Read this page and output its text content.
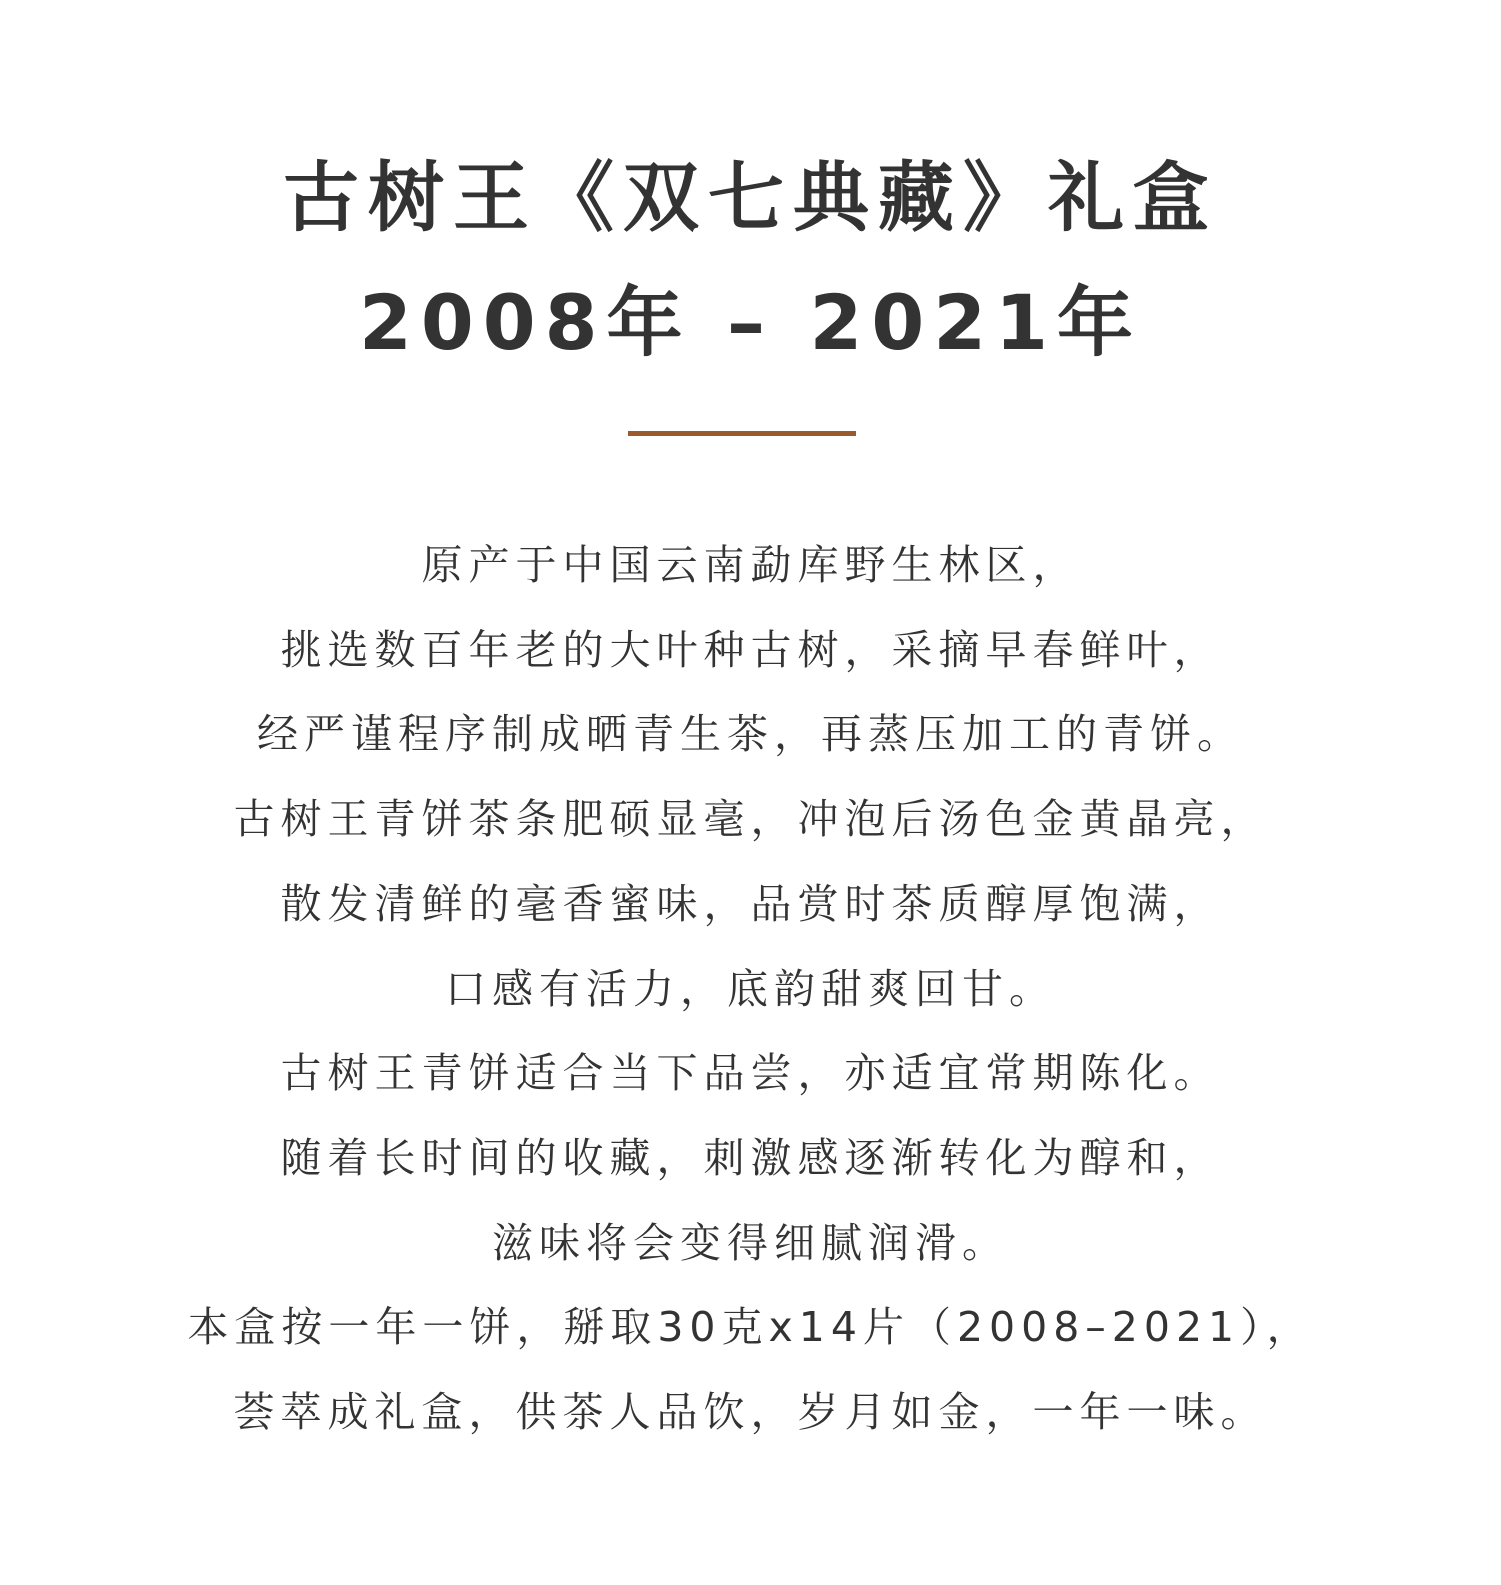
古树王《双七典藏》礼盒
2008年 – 2021年
原产于中国云南勐库野生林区，
挑选数百年老的大叶种古树，采摘早春鲜叶，
经严谨程序制成晒青生茶，再蒸压加工的青饼。
古树王青饼茶条肥硕显毫，冲泡后汤色金黄晶亮，
散发清鲜的毫香蜜味，品赏时茶质醇厚饱满，
口感有活力，底韵甜爽回甘。
古树王青饼适合当下品尝，亦适宜常期陈化。
随着长时间的收藏，刺激感逐渐转化为醇和，
滋味将会变得细腻润滑。
本盒按一年一饼，掰取30克x14片（2008–2021），
荟萃成礼盒，供茶人品饮，岁月如金，一年一味。
